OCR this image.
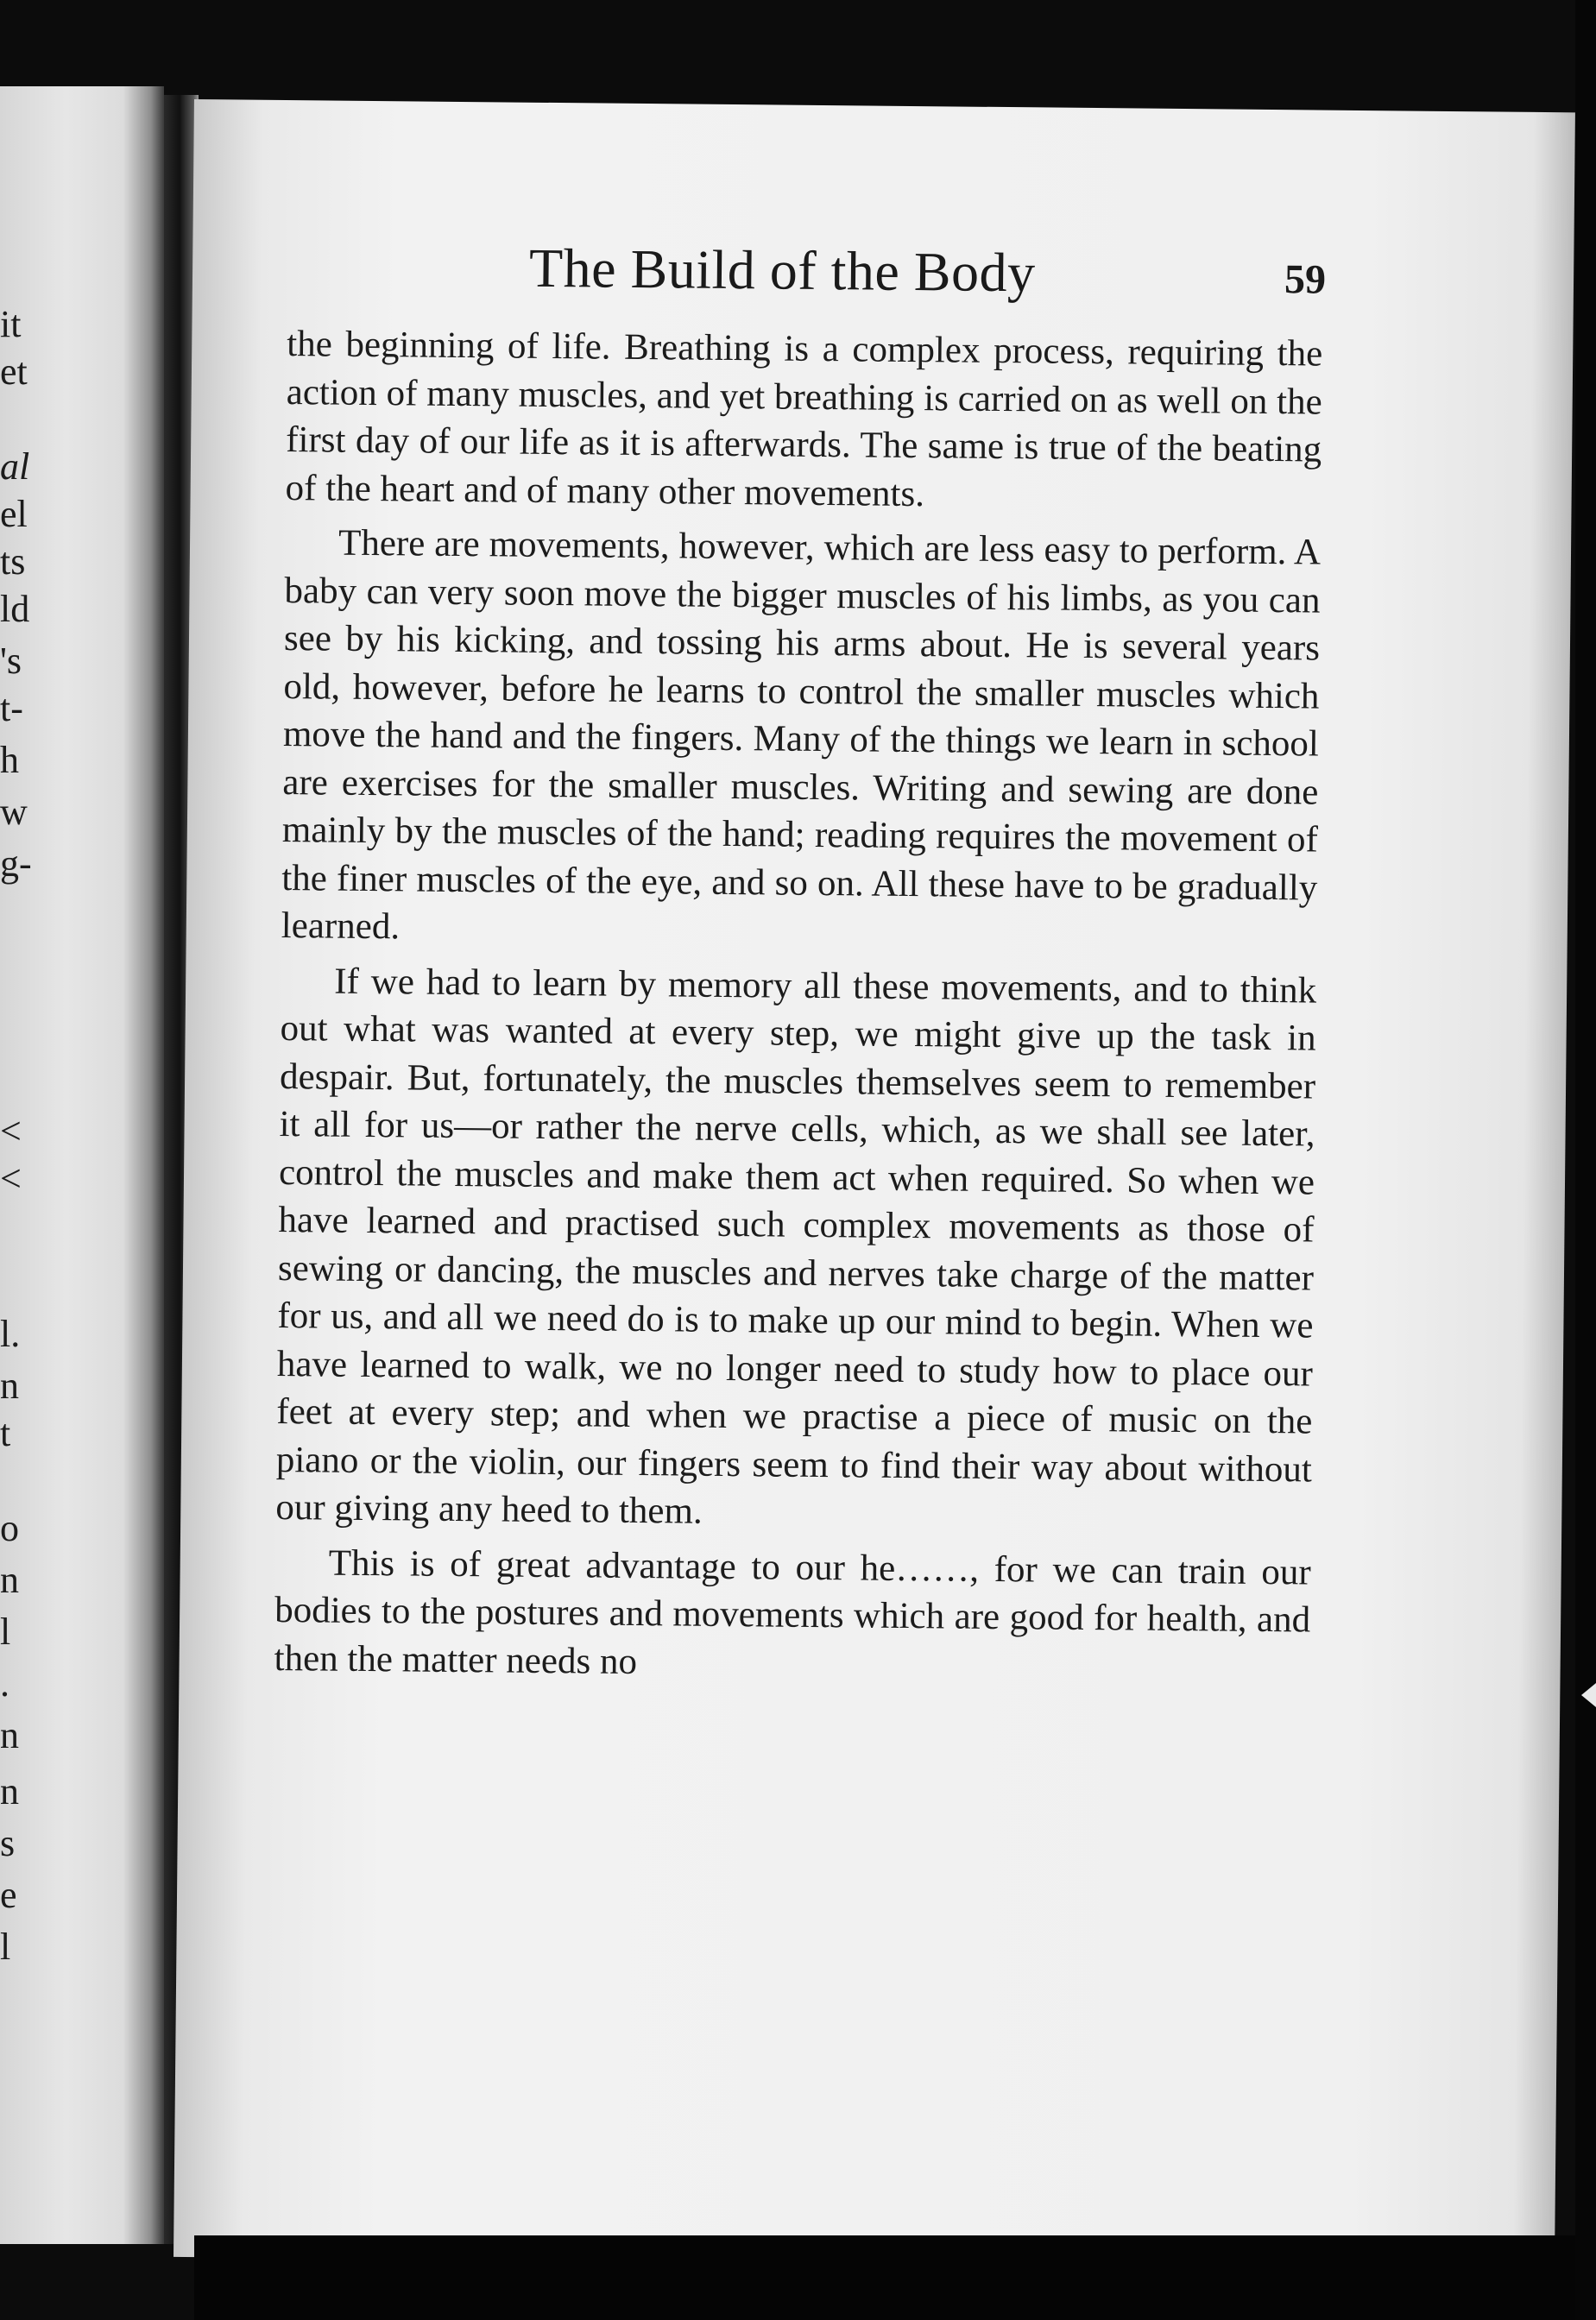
it
et
al
el
ts
ld
's
t-
h
w
g-
<
<
l.
n
t
o
n
l
.
n
n
s
e
l
The Build of the Body	59

the beginning of life. Breathing is a complex process, requiring the action of many muscles, and yet breathing is carried on as well on the first day of our life as it is afterwards. The same is true of the beating of the heart and of many other movements.

There are movements, however, which are less easy to perform. A baby can very soon move the bigger muscles of his limbs, as you can see by his kicking, and tossing his arms about. He is several years old, however, before he learns to control the smaller muscles which move the hand and the fingers. Many of the things we learn in school are exercises for the smaller muscles. Writing and sewing are done mainly by the muscles of the hand; reading requires the movement of the finer muscles of the eye, and so on. All these have to be gradually learned.

If we had to learn by memory all these movements, and to think out what was wanted at every step, we might give up the task in despair. But, fortunately, the muscles themselves seem to remember it all for us—or rather the nerve cells, which, as we shall see later, control the muscles and make them act when required. So when we have learned and practised such complex movements as those of sewing or dancing, the muscles and nerves take charge of the matter for us, and all we need do is to make up our mind to begin. When we have learned to walk, we no longer need to study how to place our feet at every step; and when we practise a piece of music on the piano or the violin, our fingers seem to find their way about without our giving any heed to them.

This is of great advantage to our he……, for we can train our bodies to the postures and movements which are good for health, and then the matter needs no
